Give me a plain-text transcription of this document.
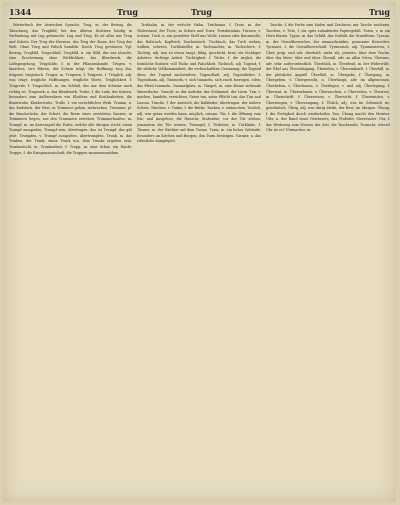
1344	Trug	Trug	Trug

Wörterbuch der deutschen Sprache. Trug, m. der Betrug, die Täuschung, das Trugbild; bei den älteren Dichtern häufig in Verbindung mit Lug gebraucht: Lug und Trug. Es ist alles nur Trug und Schein. Der Trug des Herzens, der Trug der Sinne, der Trug der Welt. Ohne Trug und Falsch handeln. Durch Trug gewinnen. Vgl. Betrug, Trugbild, Trugschluß. Trugbild, n. ein Bild, das uns täuscht, eine Erscheinung ohne Wirklichkeit; das Blendwerk, die Luftspiegelung. Trugdolde, f. in der Pflanzenkunde. Trügen, v. täuschen, irre führen; der Schein trügt; die Hoffnung trog ihn; trügend, trügerisch. Trüger, m. Trügerin, f. Trügerei, f. Trüglich, adj. was trügt; trügliche Hoffnungen, trügliche Worte. Trüglichkeit, f. Trugrede, f. Trugschluß, m. ein Schluß, der nur dem Scheine nach richtig ist. Trugwerk, n. das Blendwerk. Truhe, f. die Lade, der Kasten, besonders zum Aufbewahren von Kleidern und Kostbarkeiten; die Brauttruhe, Kleidertruhe. Trulle, f. ein verächtliches Weib. Trumm, n. das Endstück, der Rest; in Trümmer gehen, zerbrechen. Trümmer, pl. die Bruchstücke, der Schutt, die Reste eines zerstörten Ganzen; in Trümmern liegen, aus den Trümmern erstehen. Trümmerhaufen, m. Trumpf, m. im Kartenspiel die Farbe, welche alle übrigen sticht; einen Trumpf ausspielen; Trumpf sein; übertragen: das ist Trumpf, das gilt jetzt. Trumpfen, v. Trumpf ausspielen, übertrumpfen. Trunk, m. das Trinken, der Trank; einen Trunk tun, dem Trunke ergeben sein. Trunkenbold, m. Trunkenheit, f. Trupp, m. eine Schar, ein Haufe; Truppe, f. die Kriegsmannschaft; die Truppen zusammenziehen.

Truthahn, m. der welsche Hahn. Truthenne, f. Trutz, m. der Widerstand, der Trotz; zu Schutz und Trutz; Trutzbündnis. Trutzen, v. trotzen. Tuch, n. ein gewebter Stoff aus Wolle, Leinen oder Baumwolle; das Halstuch, Kopftuch, Taschentuch, Tischtuch; das Tuch weben, walken, scheren. Tuchhändler, m. Tuchmacher, m. Tuchschere, f. Tüchtig, adj. was zu etwas taugt, fähig, geschickt, brav; ein tüchtiger Arbeiter, tüchtige Arbeit. Tüchtigkeit, f. Tücke, f. die Arglist, die heimliche Bosheit; voll Tücke und Falschheit. Tückisch, adj. Tugend, f. die sittliche Vollkommenheit, die rechtschaffene Gesinnung; die Tugend üben, der Tugend nachstreben. Tugendhaft, adj. Tugendlehre, f. Tugendsam, adj. Tummeln, v. sich tummeln, sich rasch bewegen, eilen; das Pferd tummeln. Tummelplatz, m. Tümpel, m. eine kleine stehende Wasserlache. Tumult, m. der Aufruhr, das Getümmel, der Lärm. Tun, v. machen, handeln, verrichten; Gutes tun, seine Pflicht tun; das Tun und Lassen. Tünche, f. der Anstrich, die Kalkfarbe; übertragen: der äußere Schein. Tünchen, v. Tunke, f. die Brühe. Tunken, v. eintauchen. Tunlich, adj. was getan werden kann, möglich, ratsam. Tür, f. die Öffnung zum Ein- und Ausgehen; die Haustür, Stubentür; vor der Tür stehen, jemandem die Tür weisen. Türangel, f. Türhüter, m. Türklinke, f. Türmer, m. der Wächter auf dem Turme. Turm, m. ein hohes Gebäude, besonders an Kirchen und Burgen; den Turm besteigen. Turnier, n. das ritterliche Kampfspiel.

Tusche, f. die Farbe zum Malen und Zeichnen; mit Tusche zeichnen. Tuschen, v. Tüte, f. ein spitz zulaufendes Papiergefäß. Tuten, v. in ein Horn blasen. Typus, m. das Urbild, das Vorbild, die Grundform. Tyrann, m. der Gewaltherrscher, der unumschränkte, grausame Herrscher. Tyrannei, f. die Gewaltherrschaft. Tyrannisch, adj. Tyrannisieren, v. Über, präp. und adv. oberhalb, mehr als, jenseits; über dem Tische, über das Meer; über und über. Überall, adv. an allen Orten. Überaus, adv. sehr, außerordentlich. Überblick, m. Überdruß, m. der Widerwille, der Ekel aus Übersättigung. Übereilen, v. Übereinkunft, f. Überfall, m. der plötzliche Angriff. Überfluß, m. Übergabe, f. Übergang, m. Übergeben, v. Übergewicht, n. Überhaupt, adv. im allgemeinen. Überheben, v. Überlassen, v. Überlegen, v. und adj. Überlegung, f. Übermut, m. Übernehmen, v. Überraschen, v. Überreden, v. Überrest, m. Überschrift, f. Übersetzen, v. Übersicht, f. Überwinden, v. Überzeugen, v. Überzeugung, f. Üblich, adj. was im Gebrauch ist, gewöhnlich. Übrig, adj. was übrig bleibt, der Rest; im übrigen. Übung, f. die Fertigkeit durch wiederholtes Tun; Übung macht den Meister. Ufer, n. der Rand eines Gewässers; das Flußufer, Meeresufer. Uhr, f. das Werkzeug zum Messen der Zeit; die Taschenuhr, Turmuhr; wieviel Uhr ist es? Uhrmacher, m.
